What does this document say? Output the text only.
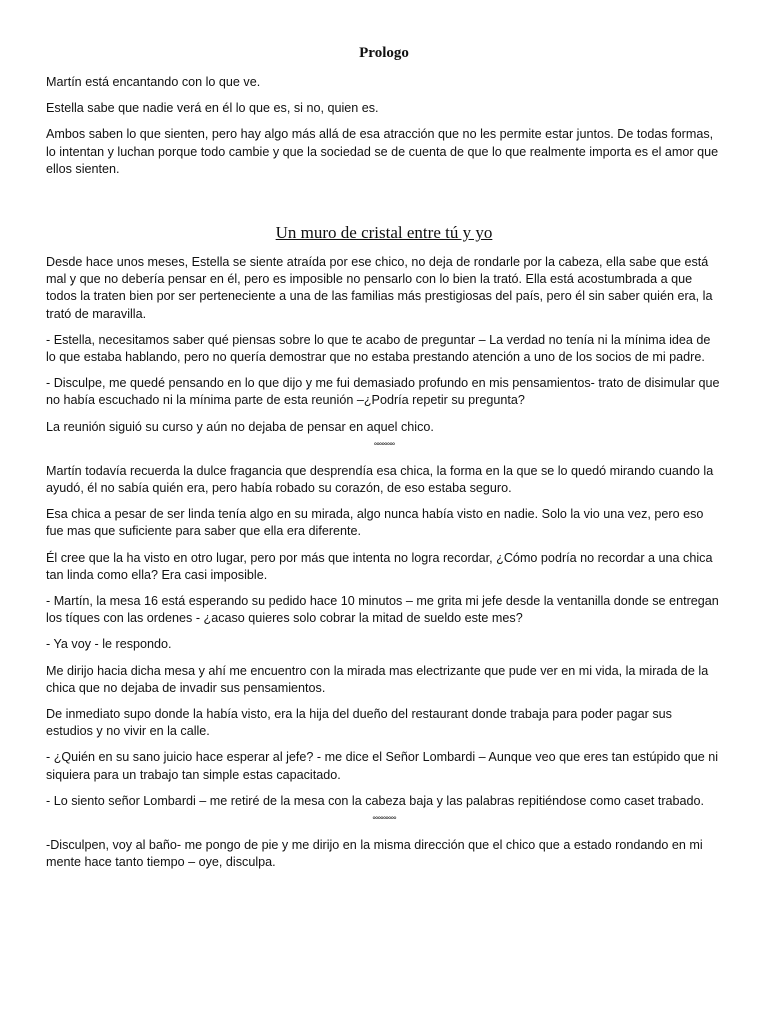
Prologo

Martín está encantando con lo que ve.

Estella sabe que nadie verá en él lo que es, si no, quien es.

Ambos saben lo que sienten, pero hay algo más allá de esa atracción que no les permite estar juntos. De todas formas, lo intentan y luchan porque todo cambie y que la sociedad se de cuenta de que lo que realmente importa es el amor que ellos sienten.

Un muro de cristal entre tú y yo

Desde hace unos meses, Estella se siente atraída por ese chico, no deja de rondarle por la cabeza, ella sabe que está mal y que no debería pensar en él, pero es imposible no pensarlo con lo bien la trató. Ella está acostumbrada a que todos la traten bien por ser perteneciente a una de las familias más prestigiosas del país, pero él sin saber quién era, la trató de maravilla.

- Estella, necesitamos saber qué piensas sobre lo que te acabo de preguntar – La verdad no tenía ni la mínima idea de lo que estaba hablando, pero no quería demostrar que no estaba prestando atención a uno de los socios de mi padre.

- Disculpe, me quedé pensando en lo que dijo y me fui demasiado profundo en mis pensamientos- trato de disimular que no había escuchado ni la mínima parte de esta reunión –¿Podría repetir su pregunta?

La reunión siguió su curso y aún no dejaba de pensar en aquel chico.

°°°°°°°°

Martín todavía recuerda la dulce fragancia que desprendía esa chica, la forma en la que se lo quedó mirando cuando la ayudó, él no sabía quién era, pero había robado su corazón, de eso estaba seguro.

Esa chica a pesar de ser linda tenía algo en su mirada, algo nunca había visto en nadie. Solo la vio una vez, pero eso fue mas que suficiente para saber que ella era diferente.

Él cree que la ha visto en otro lugar, pero por más que intenta no logra recordar, ¿Cómo podría no recordar a una chica tan linda como ella? Era casi imposible.

- Martín, la mesa 16 está esperando su pedido hace 10 minutos – me grita mi jefe desde la ventanilla donde se entregan los tíques con las ordenes - ¿acaso quieres solo cobrar la mitad de sueldo este mes?

- Ya voy - le respondo.

Me dirijo hacia dicha mesa y ahí me encuentro con la mirada mas electrizante que pude ver en mi vida, la mirada de la chica que no dejaba de invadir sus pensamientos.

De inmediato supo donde la había visto, era la hija del dueño del restaurant donde trabaja para poder pagar sus estudios y no vivir en la calle.

- ¿Quién en su sano juicio hace esperar al jefe? - me dice el Señor Lombardi – Aunque veo que eres tan estúpido que ni siquiera para un trabajo tan simple estas capacitado.

- Lo siento señor Lombardi – me retiré de la mesa con la cabeza baja y las palabras repitiéndose como caset trabado.

°°°°°°°°°

-Disculpen, voy al baño- me pongo de pie y me dirijo en la misma dirección que el chico que a estado rondando en mi mente hace tanto tiempo – oye, disculpa.
